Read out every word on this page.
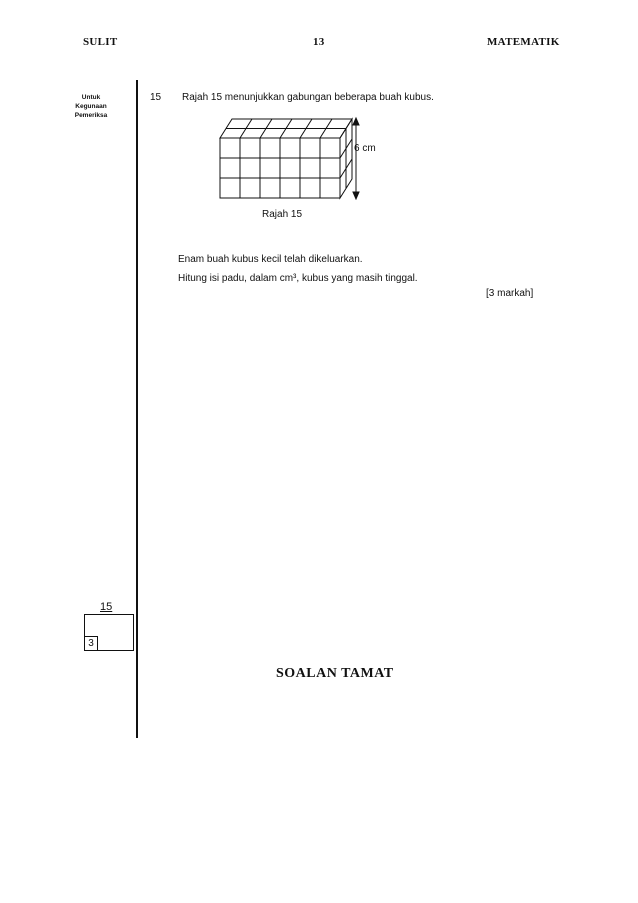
SULIT	13	MATEMATIK
Untuk
Kegunaan
Pemeriksa
15 Rajah 15 menunjukkan gabungan beberapa buah kubus.
6 cm
Rajah 15
Enam buah kubus kecil telah dikeluarkan.
Hitung isi padu, dalam cm³, kubus yang masih tinggal.
[3 markah]
15
3
SOALAN TAMAT
